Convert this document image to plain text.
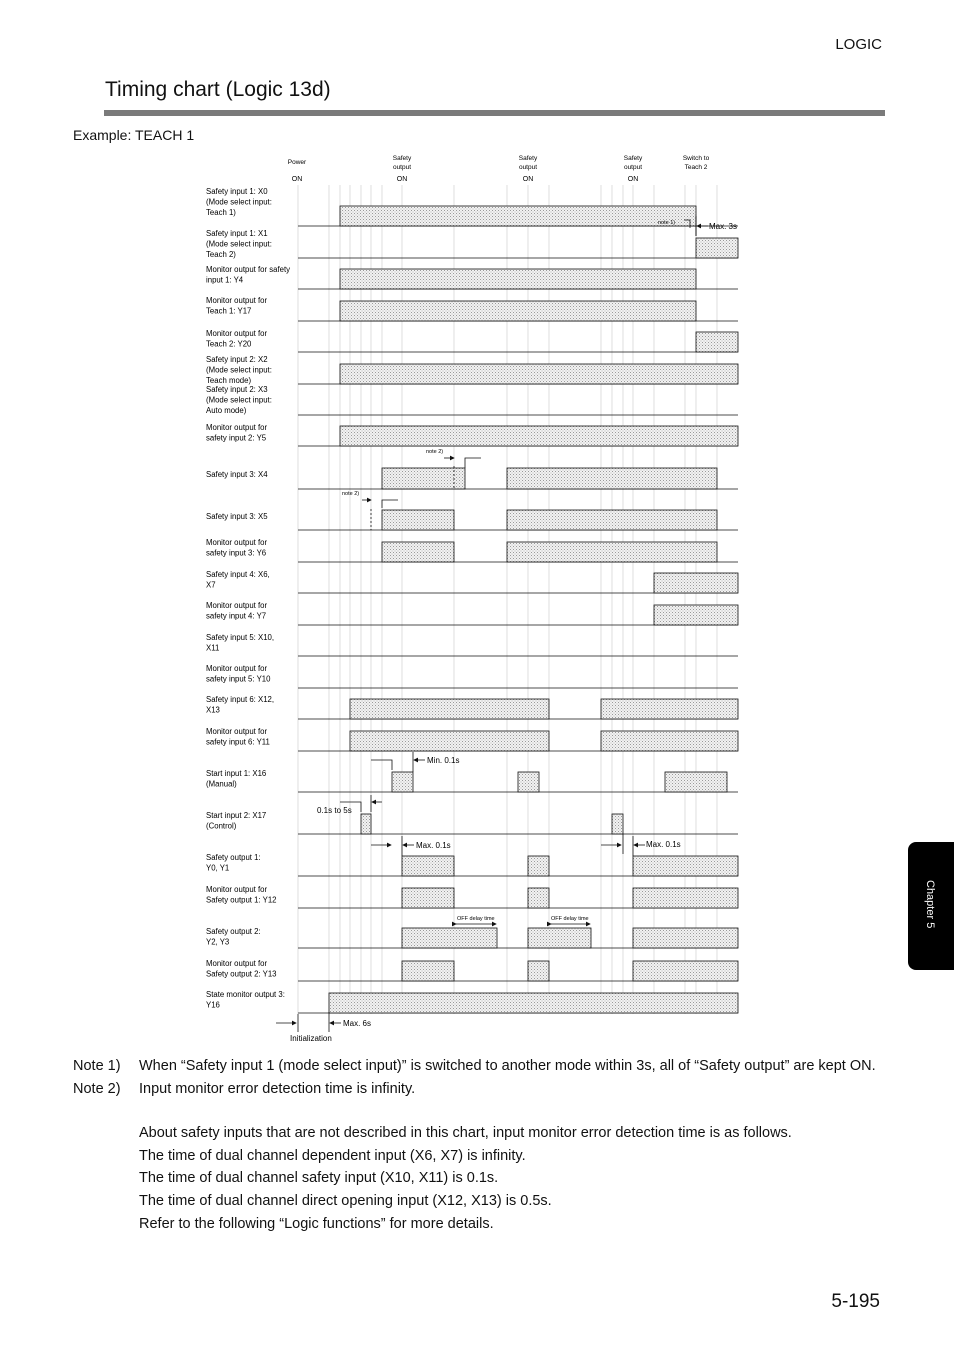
LOGIC
Timing chart (Logic 13d)
Example: TEACH 1
Power
ON
Safety
output
ON
Safety
output
ON
Safety
output
ON
Switch to
Teach 2
Safety input 1: X0
(Mode select input:
Teach 1)
Safety input 1: X1
(Mode select input:
Teach 2)
Monitor output for safety
input 1: Y4
Monitor output for
Teach 1: Y17
Monitor output for
Teach 2: Y20
Safety input 2: X2
(Mode select input:
Teach mode)
Safety input 2: X3
(Mode select input:
Auto mode)
Monitor output for
safety input 2: Y5
Safety input 3: X4
Safety input 3: X5
Monitor output for
safety input 3: Y6
Safety input 4: X6,
X7
Monitor output for
safety input 4: Y7
Safety input 5: X10,
X11
Monitor output for
safety input 5: Y10
Safety input 6: X12,
X13
Monitor output for
safety input 6: Y11
Start input 1: X16
(Manual)
Start input 2: X17
(Control)
Safety output 1:
Y0, Y1
Monitor output for
Safety output 1: Y12
Safety output 2:
Y2, Y3
Monitor output for
Safety output 2: Y13
State monitor output 3:
Y16
note 1)	Max. 3s
note 2)
note 2)
Min. 0.1s
0.1s to 5s
Max. 0.1s	Max. 0.1s
OFF delay time	OFF delay time
Max. 6s
Initialization
Note 1)	When “Safety input 1 (mode select input)” is switched to another mode within 3s, all of “Safety output” are kept ON.
Note 2)	Input monitor error detection time is infinity.
About safety inputs that are not described in this chart, input monitor error detection time is as follows.
The time of dual channel dependent input (X6, X7) is infinity.
The time of dual channel safety input (X10, X11) is 0.1s.
The time of dual channel direct opening input (X12, X13) is 0.5s.
Refer to the following “Logic functions” for more details.
5-195
Chapter 5
